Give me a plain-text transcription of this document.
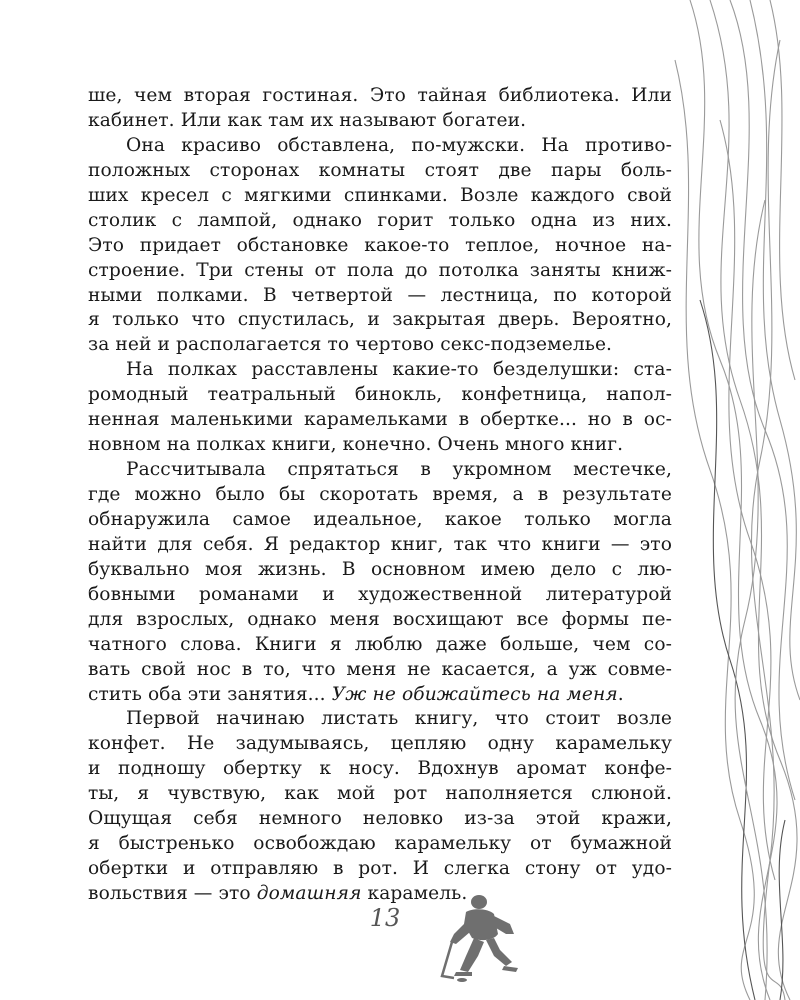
ше, чем вторая гостиная. Это тайная библиотека. Или
кабинет. Или как там их называют богатеи.
Она красиво обставлена, по-мужски. На противо-
положных сторонах комнаты стоят две пары боль-
ших кресел с мягкими спинками. Возле каждого свой
столик с лампой, однако горит только одна из них.
Это придает обстановке какое-то теплое, ночное на-
строение. Три стены от пола до потолка заняты книж-
ными полками. В четвертой — лестница, по которой
я только что спустилась, и закрытая дверь. Вероятно,
за ней и располагается то чертово секс-подземелье.
На полках расставлены какие-то безделушки: ста-
ромодный театральный бинокль, конфетница, напол-
ненная маленькими карамельками в обертке... но в ос-
новном на полках книги, конечно. Очень много книг.
Рассчитывала спрятаться в укромном местечке,
где можно было бы скоротать время, а в результате
обнаружила самое идеальное, какое только могла
найти для себя. Я редактор книг, так что книги — это
буквально моя жизнь. В основном имею дело с лю-
бовными романами и художественной литературой
для взрослых, однако меня восхищают все формы пе-
чатного слова. Книги я люблю даже больше, чем со-
вать свой нос в то, что меня не касается, а уж совме-
стить оба эти занятия... Уж не обижайтесь на меня.
Первой начинаю листать книгу, что стоит возле
конфет. Не задумываясь, цепляю одну карамельку
и подношу обертку к носу. Вдохнув аромат конфе-
ты, я чувствую, как мой рот наполняется слюной.
Ощущая себя немного неловко из-за этой кражи,
я быстренько освобождаю карамельку от бумажной
обертки и отправляю в рот. И слегка стону от удо-
вольствия — это домашняя карамель.
13
